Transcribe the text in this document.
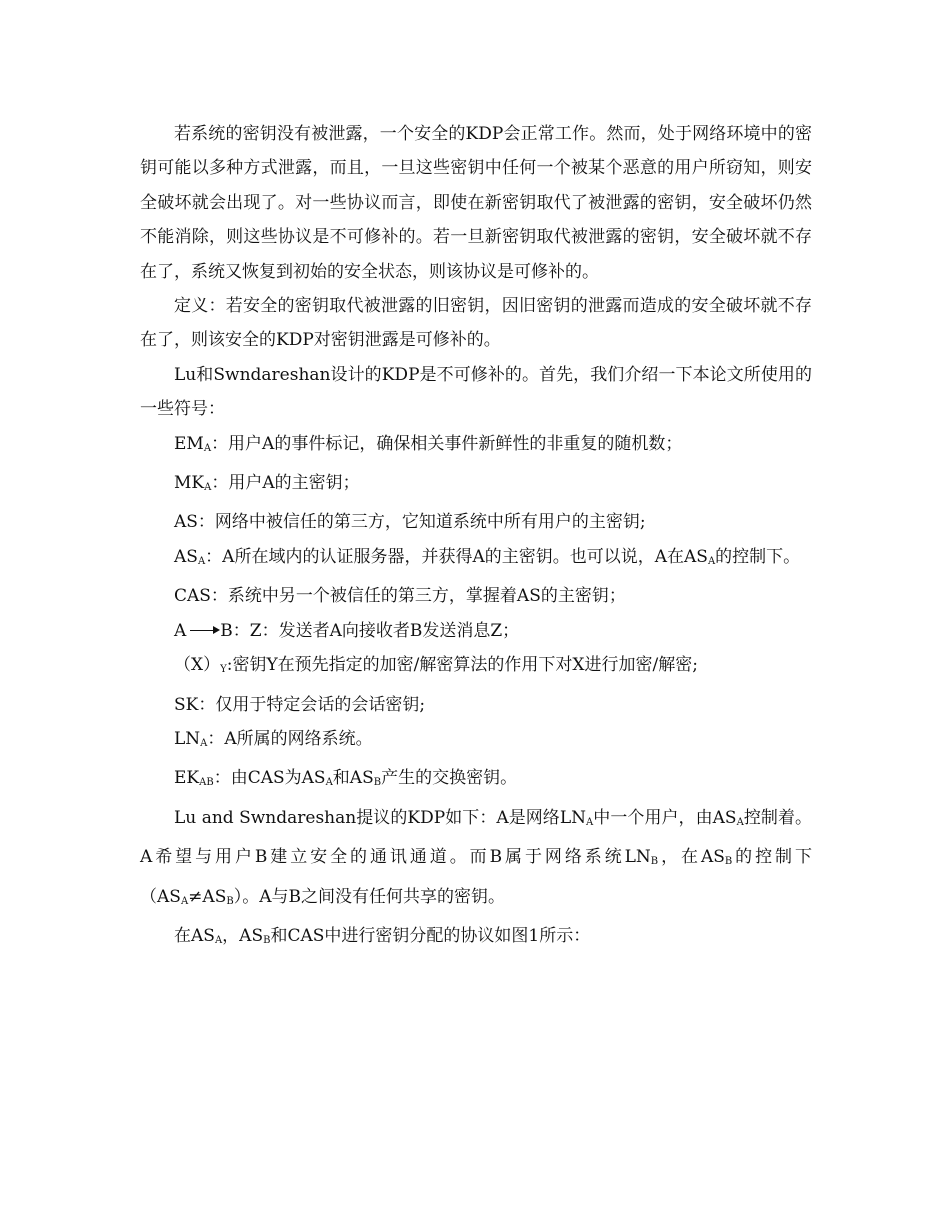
若系统的密钥没有被泄露，一个安全的KDP会正常工作。然而，处于网络环境中的密钥可能以多种方式泄露，而且，一旦这些密钥中任何一个被某个恶意的用户所窃知，则安全破坏就会出现了。对一些协议而言，即使在新密钥取代了被泄露的密钥，安全破坏仍然不能消除，则这些协议是不可修补的。若一旦新密钥取代被泄露的密钥，安全破坏就不存在了，系统又恢复到初始的安全状态，则该协议是可修补的。

定义：若安全的密钥取代被泄露的旧密钥，因旧密钥的泄露而造成的安全破坏就不存在了，则该安全的KDP对密钥泄露是可修补的。

Lu和Swndareshan设计的KDP是不可修补的。首先，我们介绍一下本论文所使用的一些符号：

$EM_A$：用户A的事件标记，确保相关事件新鲜性的非重复的随机数；

$MK_A$：用户A的主密钥；

AS：网络中被信任的第三方，它知道系统中所有用户的主密钥;

$AS_A$：A所在域内的认证服务器，并获得A的主密钥。也可以说，A在$AS_A$的控制下。

CAS：系统中另一个被信任的第三方，掌握着AS的主密钥；

A B：Z：发送者A向接收者B发送消息Z；

$(X)_Y$:密钥Y在预先指定的加密/解密算法的作用下对X进行加密/解密;

SK：仅用于特定会话的会话密钥;

$LN_A$：A所属的网络系统。

$EK_{AB}$：由CAS为$AS_A$和$AS_B$产生的交换密钥。

Lu and Swndareshan提议的KDP如下：A是网络$LN_A$中一个用户，由$AS_A$控制着。A希望与用户B建立安全的通讯通道。而B属于网络系统$LN_B$，在$AS_B$的控制下$(AS_A\ne AS_B)$。A与B之间没有任何共享的密钥。

在$AS_A$，$AS_B$和CAS中进行密钥分配的协议如图1所示：
